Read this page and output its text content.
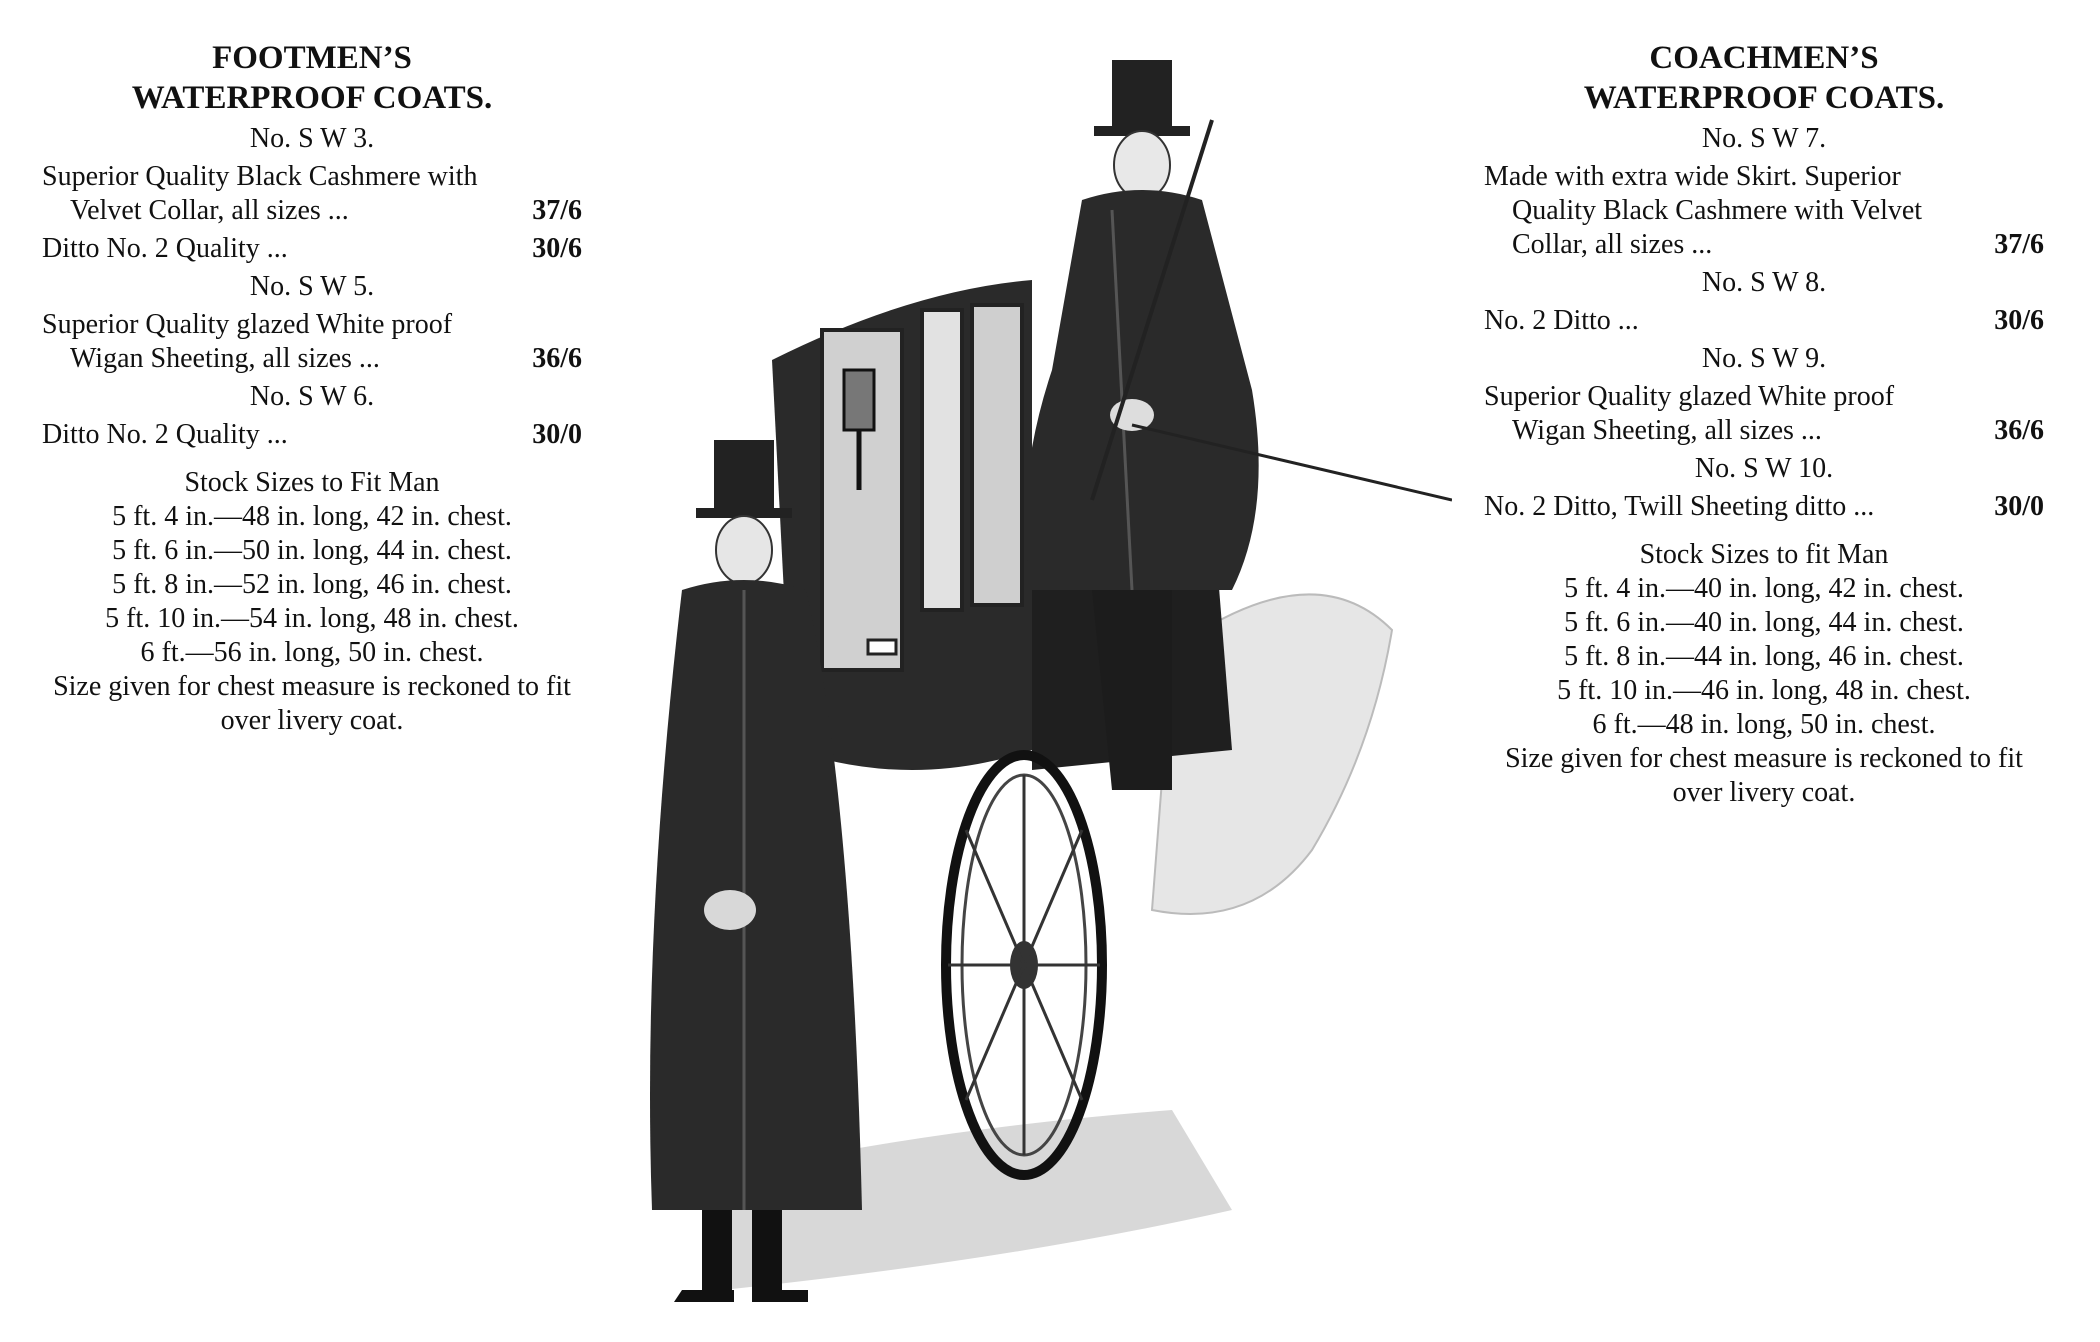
FOOTMEN’S
WATERPROOF COATS.
No. S W 3.
Superior Quality Black Cashmere with Velvet Collar, all sizes ...	37/6
Ditto No. 2 Quality ...	30/6
No. S W 5.
Superior Quality glazed White proof Wigan Sheeting, all sizes ...	36/6
No. S W 6.
Ditto No. 2 Quality ...	30/0
Stock Sizes to Fit Man
5 ft. 4 in.—48 in. long, 42 in. chest.
5 ft. 6 in.—50 in. long, 44 in. chest.
5 ft. 8 in.—52 in. long, 46 in. chest.
5 ft. 10 in.—54 in. long, 48 in. chest.
6 ft.—56 in. long, 50 in. chest.
Size given for chest measure is reckoned to fit
over livery coat.
COACHMEN’S
WATERPROOF COATS.
No. S W 7.
Made with extra wide Skirt. Superior Quality Black Cashmere with Velvet Collar, all sizes ...	37/6
No. S W 8.
No. 2 Ditto ...	30/6
No. S W 9.
Superior Quality glazed White proof Wigan Sheeting, all sizes ...	36/6
No. S W 10.
No. 2 Ditto, Twill Sheeting ditto ...	30/0
Stock Sizes to fit Man
5 ft. 4 in.—40 in. long, 42 in. chest.
5 ft. 6 in.—40 in. long, 44 in. chest.
5 ft. 8 in.—44 in. long, 46 in. chest.
5 ft. 10 in.—46 in. long, 48 in. chest.
6 ft.—48 in. long, 50 in. chest.
Size given for chest measure is reckoned to fit
over livery coat.
